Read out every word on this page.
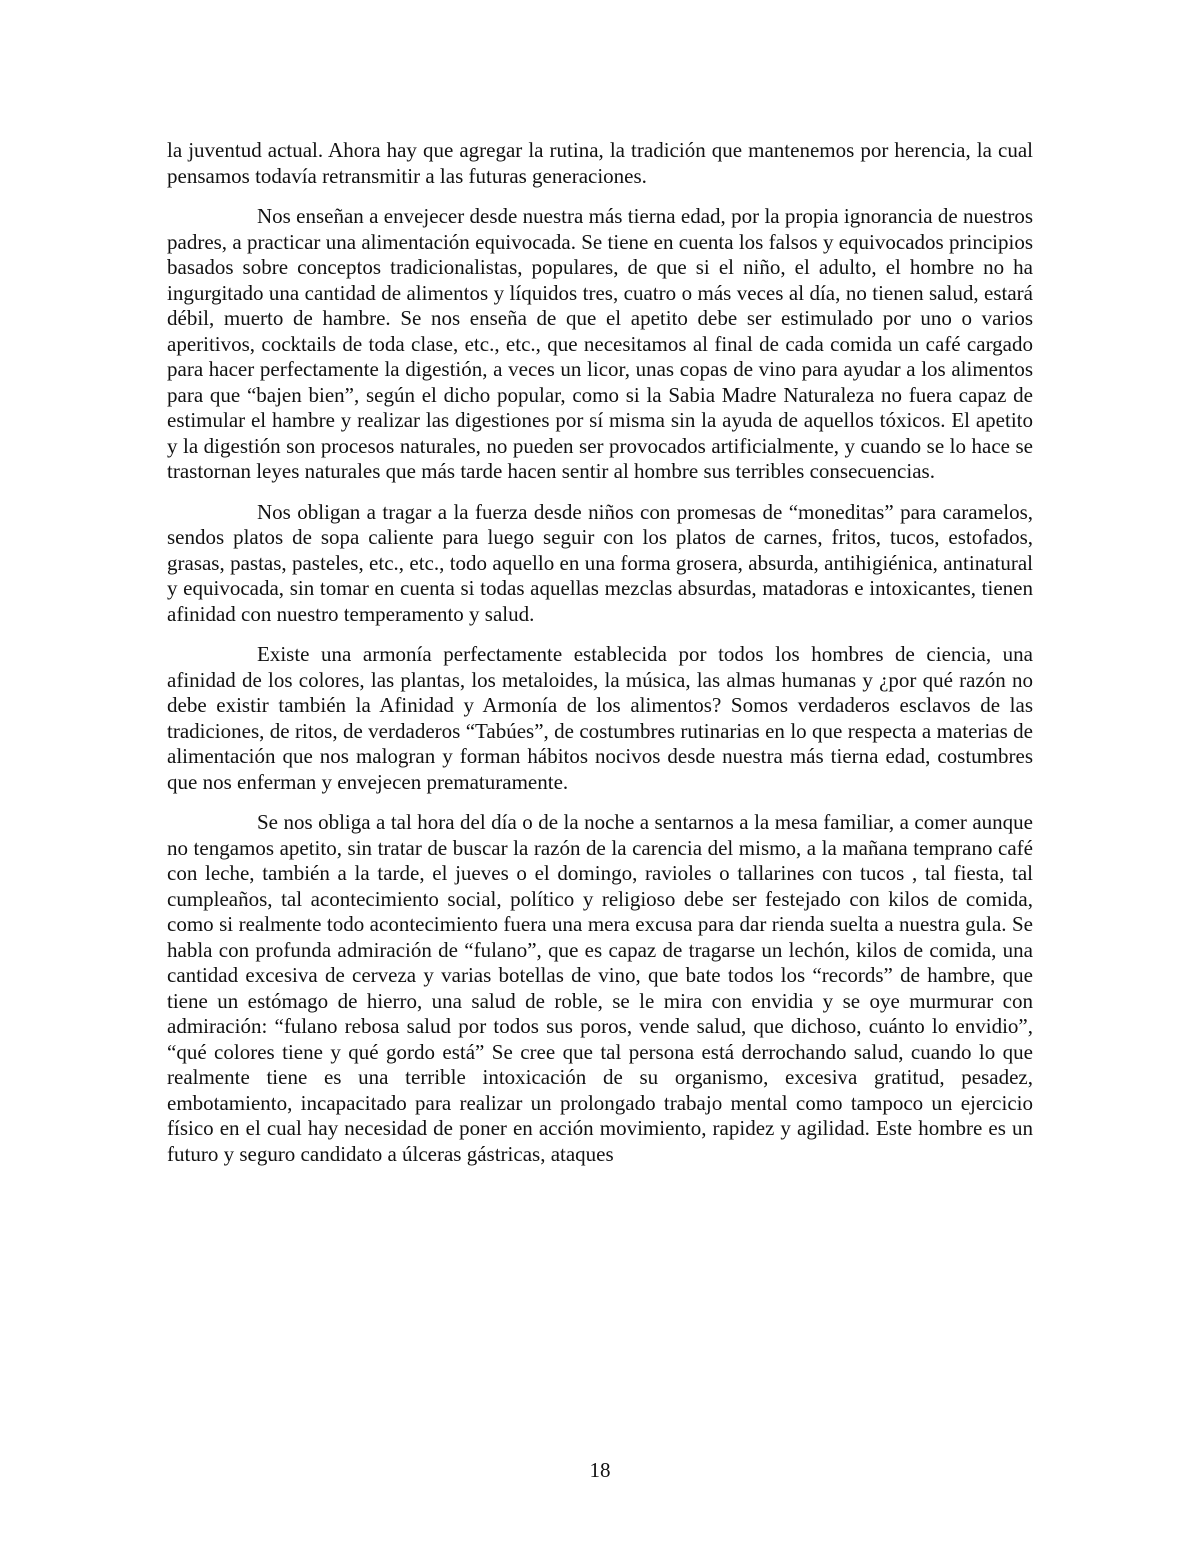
la juventud actual. Ahora hay que agregar la rutina, la tradición que mantenemos por herencia, la cual pensamos todavía retransmitir a las futuras generaciones.

Nos enseñan a envejecer desde nuestra más tierna edad, por la propia ignorancia de nuestros padres, a practicar una alimentación equivocada. Se tiene en cuenta los falsos y equivocados principios basados sobre conceptos tradicionalistas, populares, de que si el niño, el adulto, el hombre no ha ingurgitado una cantidad de alimentos y líquidos tres, cuatro o más veces al día, no tienen salud, estará débil, muerto de hambre. Se nos enseña de que el apetito debe ser estimulado por uno o varios aperitivos, cocktails de toda clase, etc., etc., que necesitamos al final de cada comida un café cargado para hacer perfectamente la digestión, a veces un licor, unas copas de vino para ayudar a los alimentos para que “bajen bien”, según el dicho popular, como si la Sabia Madre Naturaleza no fuera capaz de estimular el hambre y realizar las digestiones por sí misma sin la ayuda de aquellos tóxicos. El apetito y la digestión son procesos naturales, no pueden ser provocados artificialmente, y cuando se lo hace se trastornan leyes naturales que más tarde hacen sentir al hombre sus terribles consecuencias.

Nos obligan a tragar a la fuerza desde niños con promesas de “moneditas” para caramelos, sendos platos de sopa caliente para luego seguir con los platos de carnes, fritos, tucos, estofados, grasas, pastas, pasteles, etc., etc., todo aquello en una forma grosera, absurda, antihigiénica, antinatural y equivocada, sin tomar en cuenta si todas aquellas mezclas absurdas, matadoras e intoxicantes, tienen afinidad con nuestro temperamento y salud.

Existe una armonía perfectamente establecida por todos los hombres de ciencia, una afinidad de los colores, las plantas, los metaloides, la música, las almas humanas y ¿por qué razón no debe existir también la Afinidad y Armonía de los alimentos? Somos verdaderos esclavos de las tradiciones, de ritos, de verdaderos “Tabúes”, de costumbres rutinarias en lo que respecta a materias de alimentación que nos malogran y forman hábitos nocivos desde nuestra más tierna edad, costumbres que nos enferman y envejecen prematuramente.

Se nos obliga a tal hora del día o de la noche a sentarnos a la mesa familiar, a comer aunque no tengamos apetito, sin tratar de buscar la razón de la carencia del mismo, a la mañana temprano café con leche, también a la tarde, el jueves o el domingo, ravioles o tallarines con tucos , tal fiesta, tal cumpleaños, tal acontecimiento social, político y religioso debe ser festejado con kilos de comida, como si realmente todo acontecimiento fuera una mera excusa para dar rienda suelta a nuestra gula. Se habla con profunda admiración de “fulano”, que es capaz de tragarse un lechón, kilos de comida, una cantidad excesiva de cerveza y varias botellas de vino, que bate todos los “records” de hambre, que tiene un estómago de hierro, una salud de roble, se le mira con envidia y se oye murmurar con admiración: “fulano rebosa salud por todos sus poros, vende salud, que dichoso, cuánto lo envidio”, “qué colores tiene y qué gordo está” Se cree que tal persona está derrochando salud, cuando lo que realmente tiene es una terrible intoxicación de su organismo, excesiva gratitud, pesadez, embotamiento, incapacitado para realizar un prolongado trabajo mental como tampoco un ejercicio físico en el cual hay necesidad de poner en acción movimiento, rapidez y agilidad. Este hombre es un futuro y seguro candidato a úlceras gástricas, ataques

18
